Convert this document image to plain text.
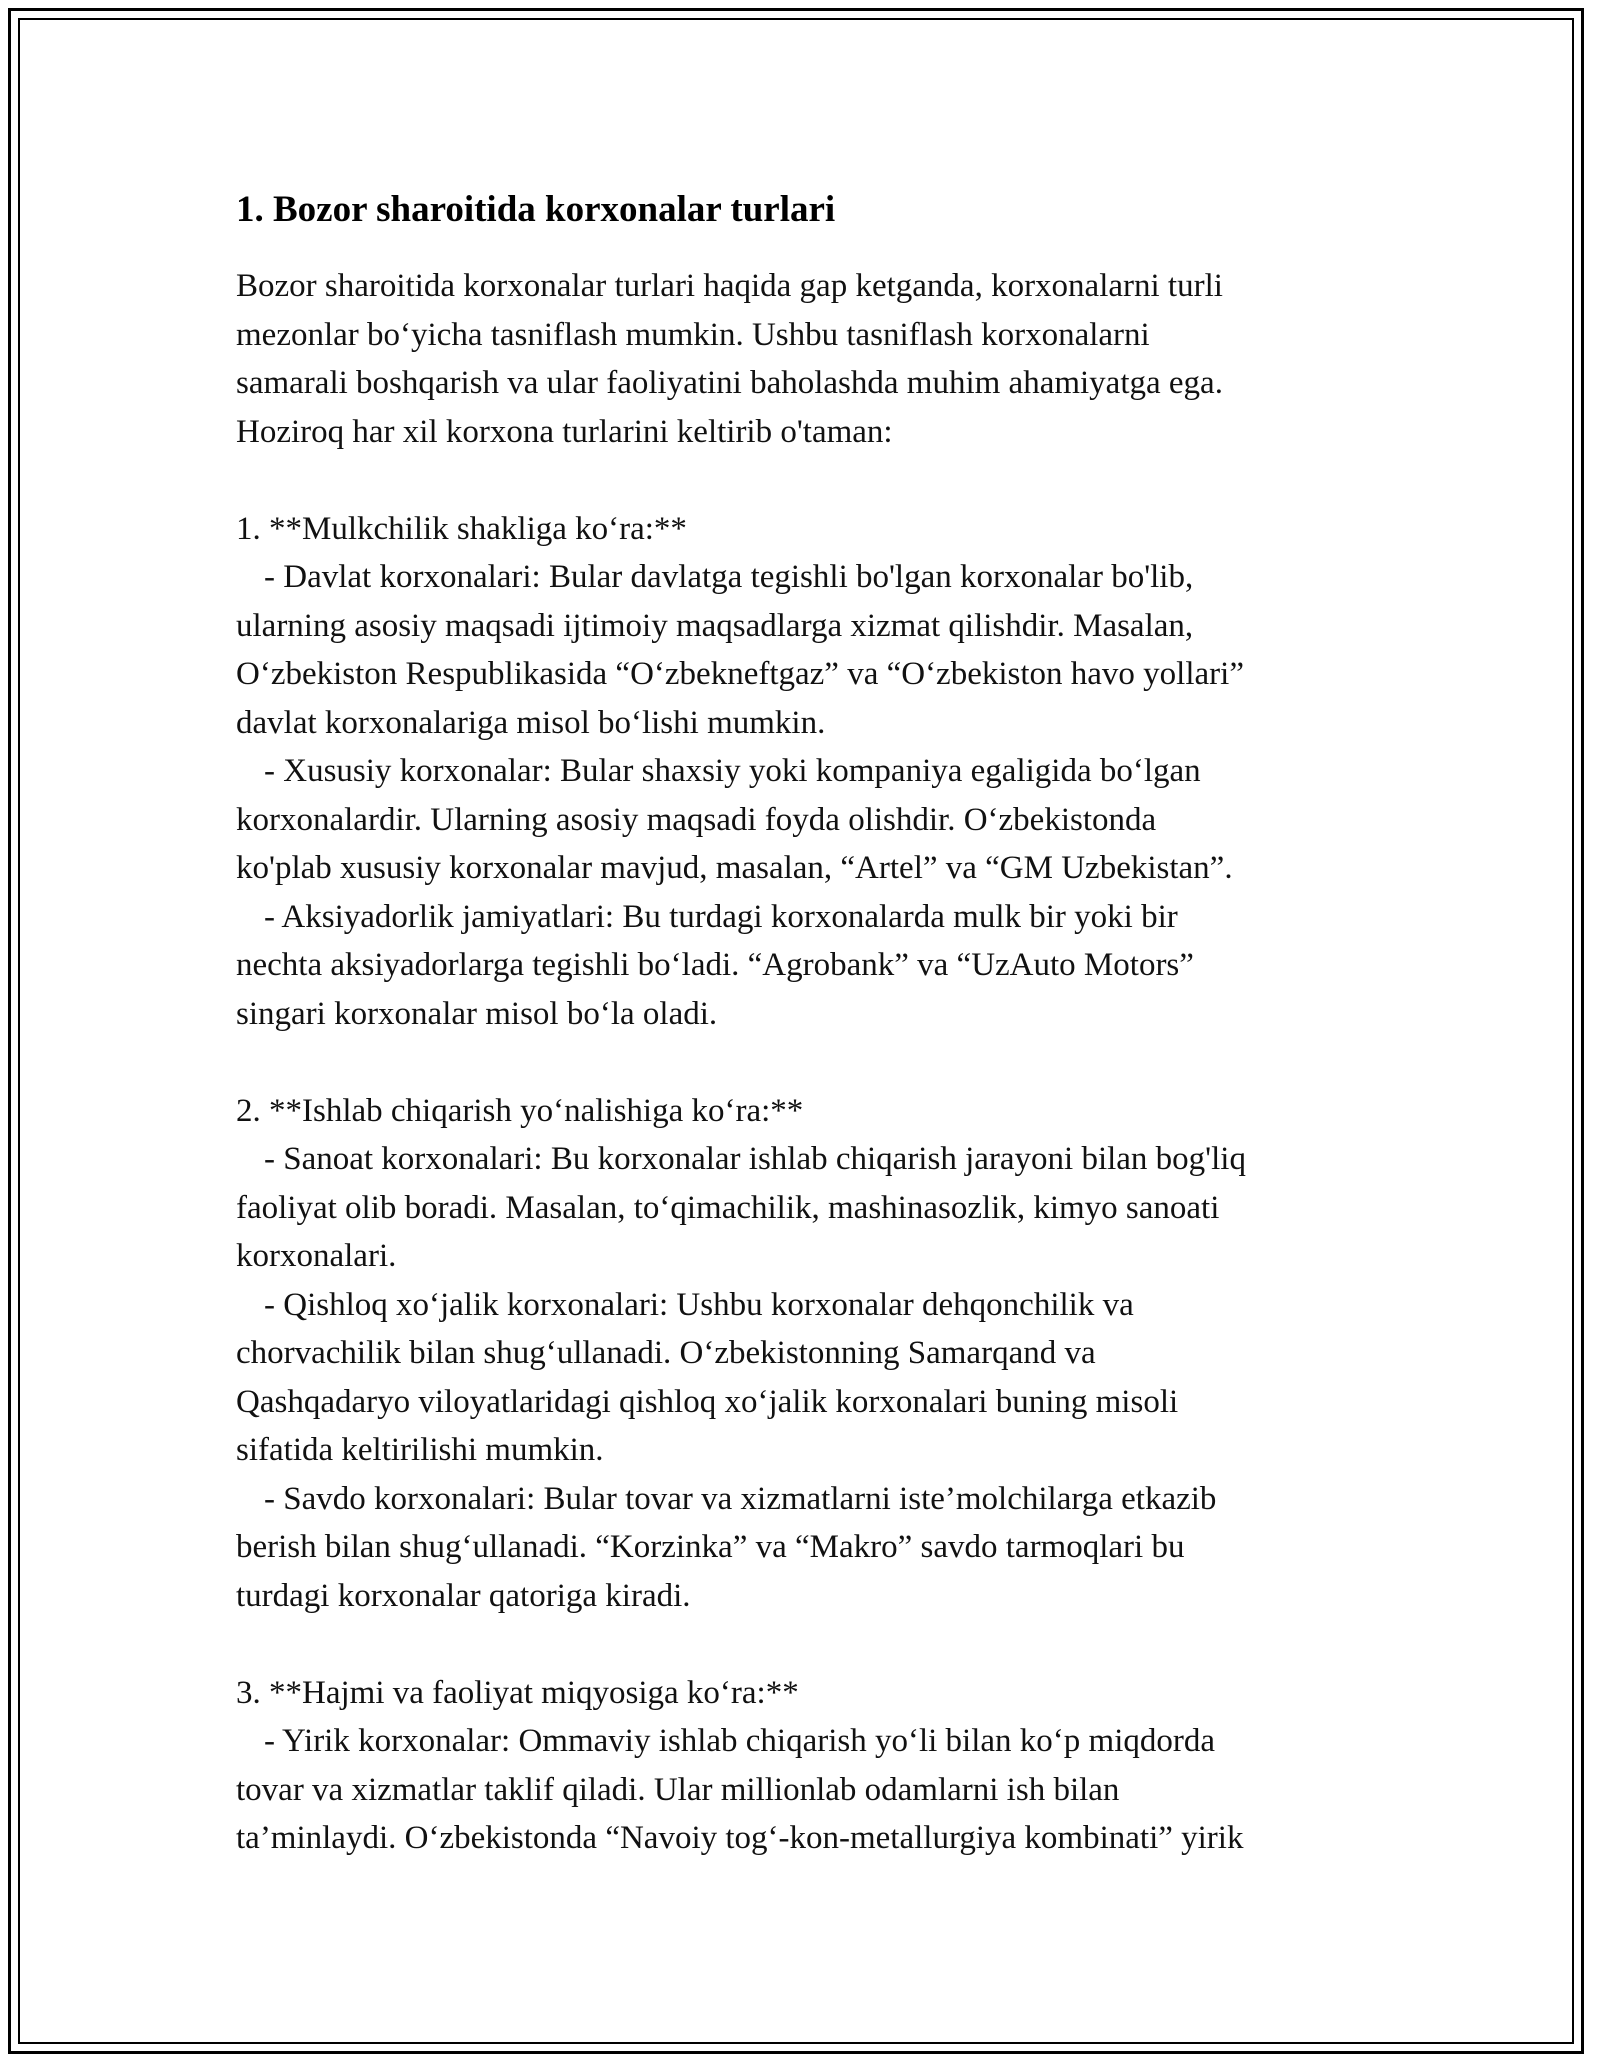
1. Bozor sharoitida korxonalar turlari

Bozor sharoitida korxonalar turlari haqida gap ketganda, korxonalarni turli

mezonlar bo‘yicha tasniflash mumkin. Ushbu tasniflash korxonalarni

samarali boshqarish va ular faoliyatini baholashda muhim ahamiyatga ega.

Hoziroq har xil korxona turlarini keltirib o'taman:

1. **Mulkchilik shakliga ko‘ra:**

- Davlat korxonalari: Bular davlatga tegishli bo'lgan korxonalar bo'lib,

ularning asosiy maqsadi ijtimoiy maqsadlarga xizmat qilishdir. Masalan,

O‘zbekiston Respublikasida “O‘zbekneftgaz” va “O‘zbekiston havo yollari”

davlat korxonalariga misol bo‘lishi mumkin.

- Xususiy korxonalar: Bular shaxsiy yoki kompaniya egaligida bo‘lgan

korxonalardir. Ularning asosiy maqsadi foyda olishdir. O‘zbekistonda

ko'plab xususiy korxonalar mavjud, masalan, “Artel” va “GM Uzbekistan”.

- Aksiyadorlik jamiyatlari: Bu turdagi korxonalarda mulk bir yoki bir

nechta aksiyadorlarga tegishli bo‘ladi. “Agrobank” va “UzAuto Motors”

singari korxonalar misol bo‘la oladi.

2. **Ishlab chiqarish yo‘nalishiga ko‘ra:**

- Sanoat korxonalari: Bu korxonalar ishlab chiqarish jarayoni bilan bog'liq

faoliyat olib boradi. Masalan, to‘qimachilik, mashinasozlik, kimyo sanoati

korxonalari.

- Qishloq xo‘jalik korxonalari: Ushbu korxonalar dehqonchilik va

chorvachilik bilan shug‘ullanadi. O‘zbekistonning Samarqand va

Qashqadaryo viloyatlaridagi qishloq xo‘jalik korxonalari buning misoli

sifatida keltirilishi mumkin.

- Savdo korxonalari: Bular tovar va xizmatlarni iste’molchilarga etkazib

berish bilan shug‘ullanadi. “Korzinka” va “Makro” savdo tarmoqlari bu

turdagi korxonalar qatoriga kiradi.

3. **Hajmi va faoliyat miqyosiga ko‘ra:**

- Yirik korxonalar: Ommaviy ishlab chiqarish yo‘li bilan ko‘p miqdorda

tovar va xizmatlar taklif qiladi. Ular millionlab odamlarni ish bilan

ta’minlaydi. O‘zbekistonda “Navoiy tog‘-kon-metallurgiya kombinati” yirik
